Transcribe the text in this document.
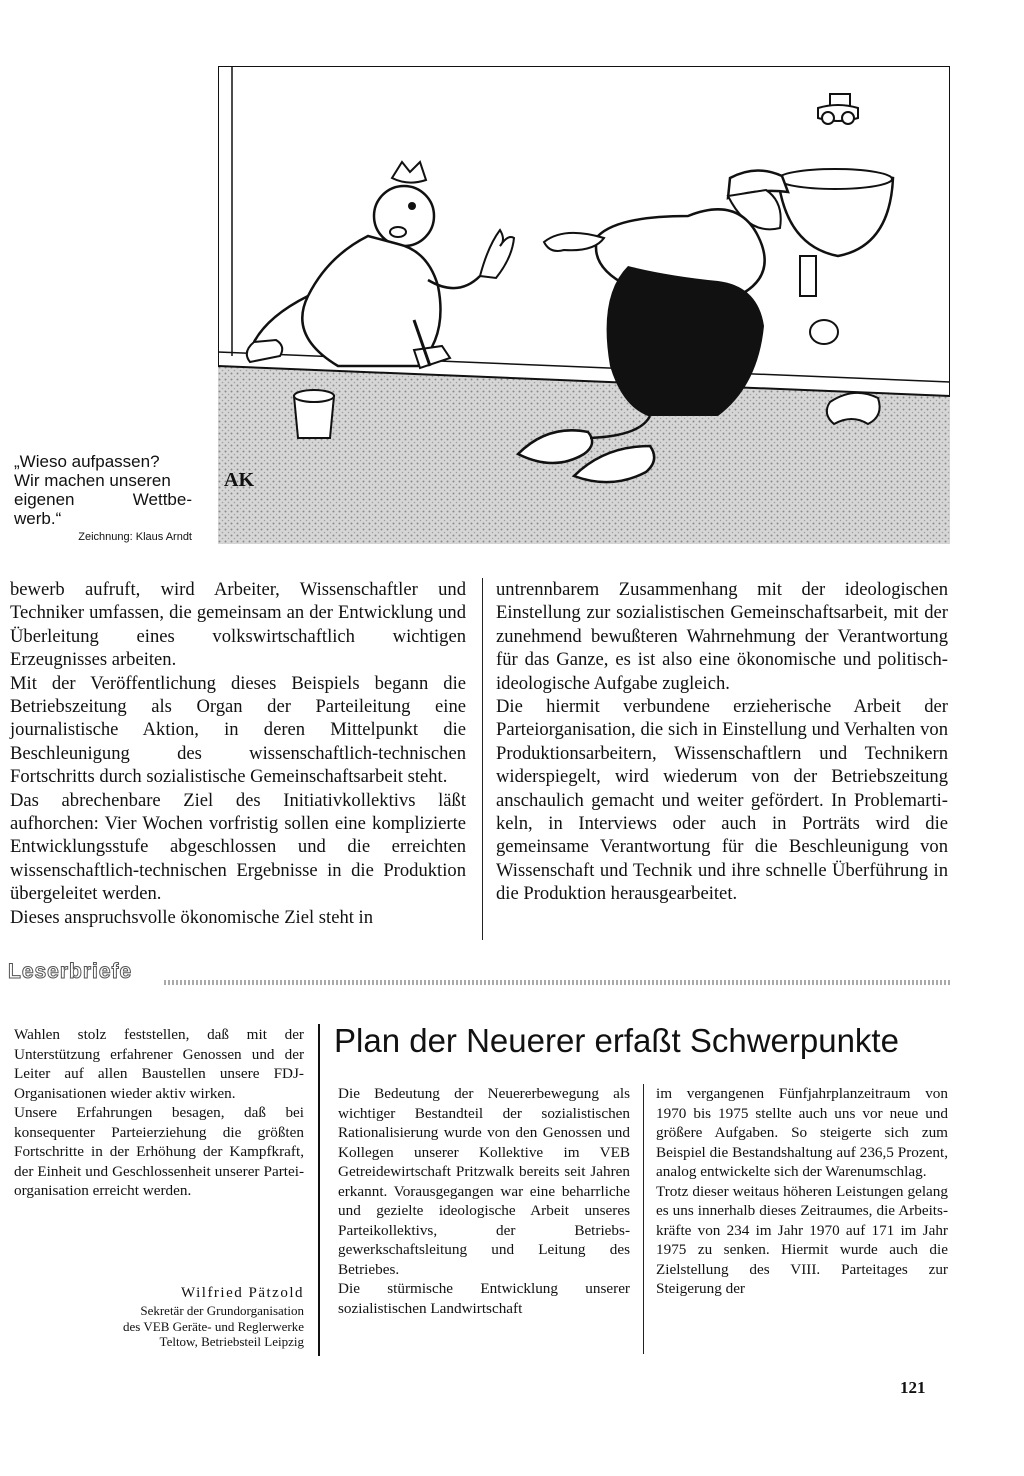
AK
„Wieso aufpassen?
Wir machen unseren
eigenen Wettbe-
werb.“
Zeichnung: Klaus Arndt

bewerb aufruft, wird Arbeiter, Wissenschaftler und Techniker umfassen, die gemeinsam an der Entwicklung und Überleitung eines volkswirtschaftlich wichtigen Erzeugnisses arbeiten.

Mit der Veröffentlichung dieses Beispiels begann die Betriebszeitung als Organ der Parteileitung eine journalistische Aktion, in deren Mittelpunkt die Beschleunigung des wissenschaftlich-technischen Fortschritts durch sozialistische Gemeinschaftsarbeit steht.

Das abrechenbare Ziel des Initiativkollektivs läßt aufhorchen: Vier Wochen vorfristig sollen eine komplizierte Entwicklungsstufe abgeschlossen und die erreichten wissenschaftlich-technischen Ergebnisse in die Produktion übergeleitet werden.

Dieses anspruchsvolle ökonomische Ziel steht in

untrennbarem Zusammenhang mit der ideologischen Einstellung zur sozialistischen Gemeinschaftsarbeit, mit der zunehmend bewußteren Wahrnehmung der Verantwortung für das Ganze, es ist also eine ökonomische und politisch-ideologische Aufgabe zugleich.

Die hiermit verbundene erzieherische Arbeit der Parteiorganisation, die sich in Einstellung und Verhalten von Produktionsarbeitern, Wissenschaftlern und Technikern widerspiegelt, wird wiederum von der Betriebszeitung anschaulich gemacht und weiter gefördert. In Problemartikeln, in Interviews oder auch in Porträts wird die gemeinsame Verantwortung für die Beschleunigung von Wissenschaft und Technik und ihre schnelle Überführung in die Produktion herausgearbeitet.

Leserbriefe

Wahlen stolz feststellen, daß mit der Unterstützung erfahrener Genossen und der Leiter auf allen Baustellen unsere FDJ-Organisationen wieder aktiv wirken.

Unsere Erfahrungen besagen, daß bei konsequenter Parteierziehung die größten Fortschritte in der Erhöhung der Kampfkraft, der Einheit und Geschlossenheit unserer Parteiorganisation erreicht werden.

Wilfried Pätzold
Sekretär der Grundorganisation
des VEB Geräte- und Reglerwerke
Teltow, Betriebsteil Leipzig
Plan der Neuerer erfaßt Schwerpunkte

Die Bedeutung der Neuererbewegung als wichtiger Bestandteil der sozialistischen Rationalisierung wurde von den Genossen und Kollegen unserer Kollektive im VEB Getreidewirtschaft Pritzwalk bereits seit Jahren erkannt. Vorausgegangen war eine beharrliche und gezielte ideologische Arbeit unseres Parteikollektivs, der Betriebsgewerkschaftsleitung und Leitung des Betriebes.

Die stürmische Entwicklung unserer sozialistischen Landwirtschaft

im vergangenen Fünfjahrplanzeitraum von 1970 bis 1975 stellte auch uns vor neue und größere Aufgaben. So steigerte sich zum Beispiel die Bestandshaltung auf 236,5 Prozent, analog entwickelte sich der Warenumschlag.

Trotz dieser weitaus höheren Leistungen gelang es uns innerhalb dieses Zeitraumes, die Arbeitskräfte von 234 im Jahr 1970 auf 171 im Jahr 1975 zu senken. Hiermit wurde auch die Zielstellung des VIII. Parteitages zur Steigerung der

121
